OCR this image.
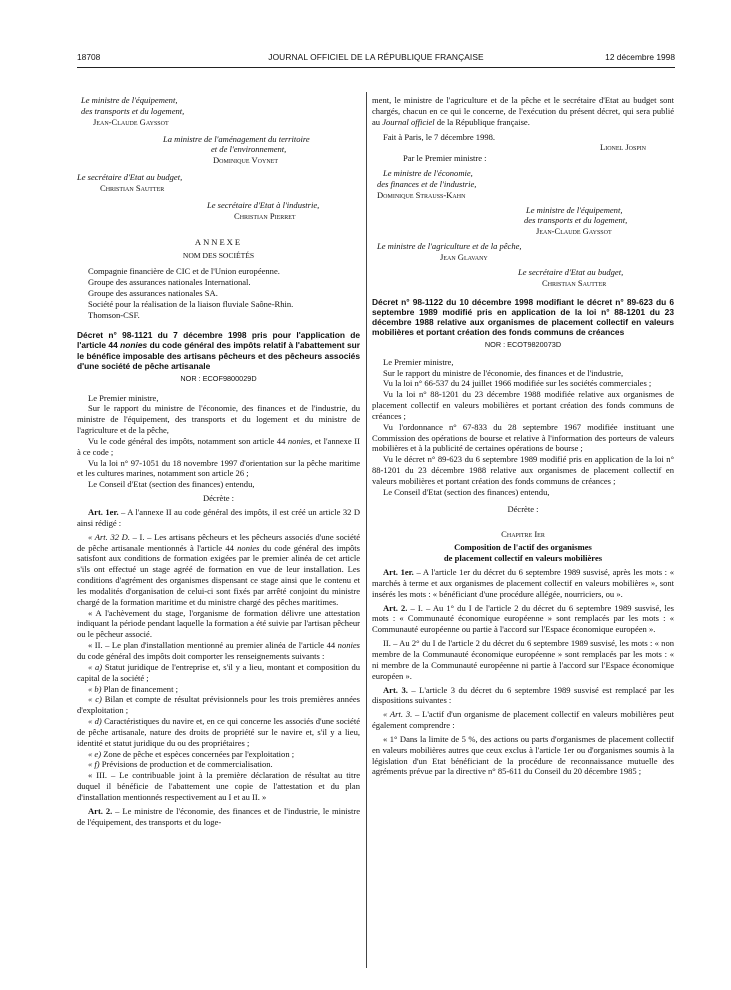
18708	JOURNAL OFFICIEL DE LA RÉPUBLIQUE FRANÇAISE	12 décembre 1998

Le ministre de l'équipement,

des transports et du logement,

Jean-Claude Gayssot

La ministre de l'aménagement du territoire

et de l'environnement,

Dominique Voynet

Le secrétaire d'Etat au budget,

Christian Sautter

Le secrétaire d'Etat à l'industrie,

Christian Pierret

ANNEXE

NOM DES SOCIÉTÉS

Compagnie financière de CIC et de l'Union européenne.

Groupe des assurances nationales International.

Groupe des assurances nationales SA.

Société pour la réalisation de la liaison fluviale Saône-Rhin.

Thomson-CSF.

Décret n° 98-1121 du 7 décembre 1998 pris pour l'application de l'article 44 nonies du code général des impôts relatif à l'abattement sur le bénéfice imposable des artisans pêcheurs et des pêcheurs associés d'une société de pêche artisanale

NOR : ECOF9800029D

Le Premier ministre,

Sur le rapport du ministre de l'économie, des finances et de l'industrie, du ministre de l'équipement, des transports et du logement et du ministre de l'agriculture et de la pêche,

Vu le code général des impôts, notamment son article 44 nonies, et l'annexe II à ce code ;

Vu la loi n° 97-1051 du 18 novembre 1997 d'orientation sur la pêche maritime et les cultures marines, notamment son article 26 ;

Le Conseil d'Etat (section des finances) entendu,

Décrète :

Art. 1er. – A l'annexe II au code général des impôts, il est créé un article 32 D ainsi rédigé :

« Art. 32 D. – I. – Les artisans pêcheurs et les pêcheurs associés d'une société de pêche artisanale mentionnés à l'article 44 nonies du code général des impôts satisfont aux conditions de formation exigées par le premier alinéa de cet article s'ils ont effectué un stage agréé de formation en vue de leur installation. Les conditions d'agrément des organismes dispensant ce stage ainsi que le contenu et les modalités d'organisation de celui-ci sont fixés par arrêté conjoint du ministre chargé de la formation maritime et du ministre chargé des pêches maritimes.

« A l'achèvement du stage, l'organisme de formation délivre une attestation indiquant la période pendant laquelle la formation a été suivie par l'artisan pêcheur ou le pêcheur associé.

« II. – Le plan d'installation mentionné au premier alinéa de l'article 44 nonies du code général des impôts doit comporter les renseignements suivants :

« a) Statut juridique de l'entreprise et, s'il y a lieu, montant et composition du capital de la société ;

« b) Plan de financement ;

« c) Bilan et compte de résultat prévisionnels pour les trois premières années d'exploitation ;

« d) Caractéristiques du navire et, en ce qui concerne les associés d'une société de pêche artisanale, nature des droits de propriété sur le navire et, s'il y a lieu, identité et statut juridique du ou des propriétaires ;

« e) Zone de pêche et espèces concernées par l'exploitation ;

« f) Prévisions de production et de commercialisation.

« III. – Le contribuable joint à la première déclaration de résultat au titre duquel il bénéficie de l'abattement une copie de l'attestation et du plan d'installation mentionnés respectivement au I et au II. »

Art. 2. – Le ministre de l'économie, des finances et de l'industrie, le ministre de l'équipement, des transports et du loge-

ment, le ministre de l'agriculture et de la pêche et le secrétaire d'Etat au budget sont chargés, chacun en ce qui le concerne, de l'exécution du présent décret, qui sera publié au Journal officiel de la République française.

Fait à Paris, le 7 décembre 1998.

Lionel Jospin

Par le Premier ministre :

Le ministre de l'économie,

des finances et de l'industrie,

Dominique Strauss-Kahn

Le ministre de l'équipement,

des transports et du logement,

Jean-Claude Gayssot

Le ministre de l'agriculture et de la pêche,

Jean Glavany

Le secrétaire d'Etat au budget,

Christian Sautter

Décret n° 98-1122 du 10 décembre 1998 modifiant le décret n° 89-623 du 6 septembre 1989 modifié pris en application de la loi n° 88-1201 du 23 décembre 1988 relative aux organismes de placement collectif en valeurs mobilières et portant création des fonds communs de créances

NOR : ECOT9820073D

Le Premier ministre,

Sur le rapport du ministre de l'économie, des finances et de l'industrie,

Vu la loi n° 66-537 du 24 juillet 1966 modifiée sur les sociétés commerciales ;

Vu la loi n° 88-1201 du 23 décembre 1988 modifiée relative aux organismes de placement collectif en valeurs mobilières et portant création des fonds communs de créances ;

Vu l'ordonnance n° 67-833 du 28 septembre 1967 modifiée instituant une Commission des opérations de bourse et relative à l'information des porteurs de valeurs mobilières et à la publicité de certaines opérations de bourse ;

Vu le décret n° 89-623 du 6 septembre 1989 modifié pris en application de la loi n° 88-1201 du 23 décembre 1988 relative aux organismes de placement collectif en valeurs mobilières et portant création des fonds communs de créances ;

Le Conseil d'Etat (section des finances) entendu,

Décrète :

Chapitre Ier

Composition de l'actif des organismes

de placement collectif en valeurs mobilières

Art. 1er. – A l'article 1er du décret du 6 septembre 1989 susvisé, après les mots : « marchés à terme et aux organismes de placement collectif en valeurs mobilières », sont insérés les mots : « bénéficiant d'une procédure allégée, nourriciers, ou ».

Art. 2. – I. – Au 1° du I de l'article 2 du décret du 6 septembre 1989 susvisé, les mots : « Communauté économique européenne » sont remplacés par les mots : « Communauté européenne ou partie à l'accord sur l'Espace économique européen ».

II. – Au 2° du I de l'article 2 du décret du 6 septembre 1989 susvisé, les mots : « non membre de la Communauté économique européenne » sont remplacés par les mots : « ni membre de la Communauté européenne ni partie à l'accord sur l'Espace économique européen ».

Art. 3. – L'article 3 du décret du 6 septembre 1989 susvisé est remplacé par les dispositions suivantes :

« Art. 3. – L'actif d'un organisme de placement collectif en valeurs mobilières peut également comprendre :

« 1° Dans la limite de 5 %, des actions ou parts d'organismes de placement collectif en valeurs mobilières autres que ceux exclus à l'article 1er ou d'organismes soumis à la législation d'un Etat bénéficiant de la procédure de reconnaissance mutuelle des agréments prévue par la directive n° 85-611 du Conseil du 20 décembre 1985 ;
